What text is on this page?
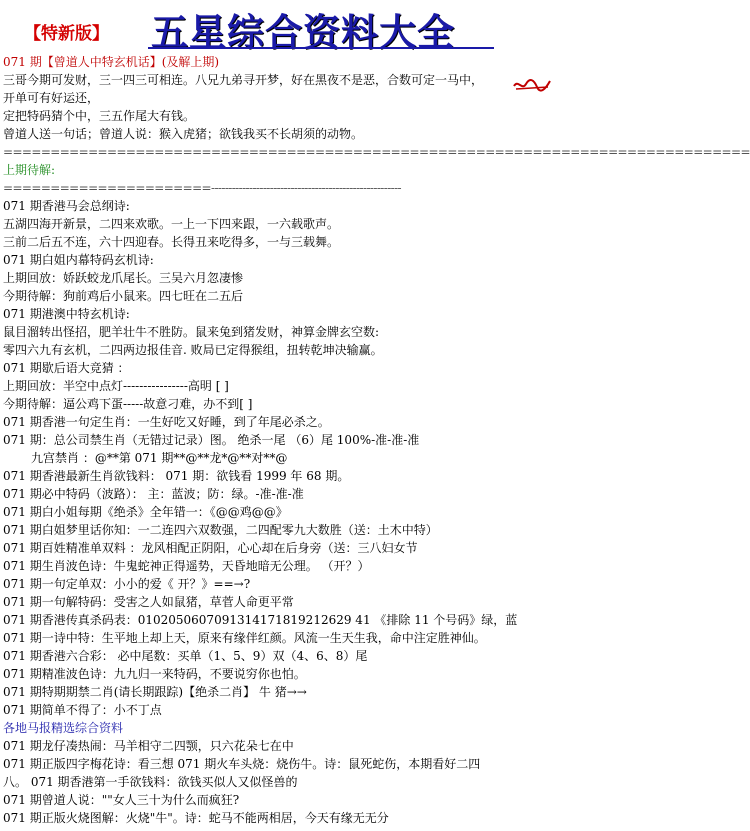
【特新版】 五星综合资料大全
071 期【曾道人中特玄机话】(及解上期)
三哥今期可发财，三一四三可相连。八兄九弟寻开梦，好在黑夜不是恶，合数可定一马中，
开单可有好运还，
定把特码猜个中，三五作尾大有钱。
曾道人送一句话；曾道人说：猴入虎猪；欲钱我买不长胡须的动物。
===============================================================================
上期待解:
======================-------------------------------------------------------
071 期香港马会总纲诗:
五湖四海开新景，二四来欢歌。一上一下四来跟，一六载歌声。
三前二后五不连，六十四迎春。长得丑来吃得多，一与三载舞。
071 期白姐内幕特码玄机诗:
上期回放：娇跃蛟龙爪尾长。三吴六月忽凄惨
今期待解：狗前鸡后小鼠来。四七旺在二五后
071 期港澳中特玄机诗:
鼠目溜转出怪招，肥羊壮牛不胜防。鼠来兔到猪发财，神算金牌玄空数:
零四六九有玄机，二四两边报佳音. 败局已定得猴组，扭转乾坤决输赢。
071 期歇后语大竞猜 ：
上期回放：半空中点灯----------------高明 [ ]
今期待解：逼公鸡下蛋-----故意刁难，办不到[ ]
071 期香港一句定生肖：一生好吃又好睡，到了年尾必杀之。
071 期：总公司禁生肖（无错过记录）图。 绝杀一尾 （6）尾 100%-准-准-准
九宫禁肖 ：@**第 071 期**@**龙*@**对**@
071 期香港最新生肖欲钱料： 071 期：欲钱看 1999 年 68 期。
071 期必中特码（波路）： 主：蓝波；防：绿。-准-准-准
071 期白小姐每期《绝杀》全年错一：《@@鸡@@》
071 期白姐梦里话你知：一二连四六双数强，二四配零九大数胜（送：土木中特）
071 期百姓精准单双料 ：龙风相配正阴阳，心心却在后身旁（送：三八妇女节
071 期生肖波色诗：牛鬼蛇神正得遥势，天昏地暗无公理。 （开？）
071 期一句定单双：小小的爱《 开？》==→?
071 期一句解特码：受害之人如鼠猪，草菅人命更平常
071 期香港传真杀码表：0102050607091314171819212629 41 《排除 11 个号码》绿，蓝
071 期一诗中特：生平地上却上天，原来有缘伴红颜。风流一生天生我，命中注定胜神仙。
071 期香港六合彩： 必中尾数：买单（1、5、9）双（4、6、8）尾
071 期精准波色诗：九九归一来特码，不要说穷你也怕。
071 期特期期禁二肖(请长期跟踪)【绝杀二肖】 牛 猪→→
071 期简单不得了：小不丁点
各地马报精选综合资料
071 期龙仔凑热闹：马羊相守二四颚，只六花朵七在中
071 期正版四字梅花诗：看三想 071 期火车头烧：烧伤牛。诗：鼠死蛇伤，本期看好二四
八。 071 期香港第一手欲钱料：欲钱买似人又似怪兽的
071 期曾道人说：""女人三十为什么而疯狂?
071 期正版火烧图解：火烧"牛"。诗：蛇马不能两相居，今天有缘无无分
